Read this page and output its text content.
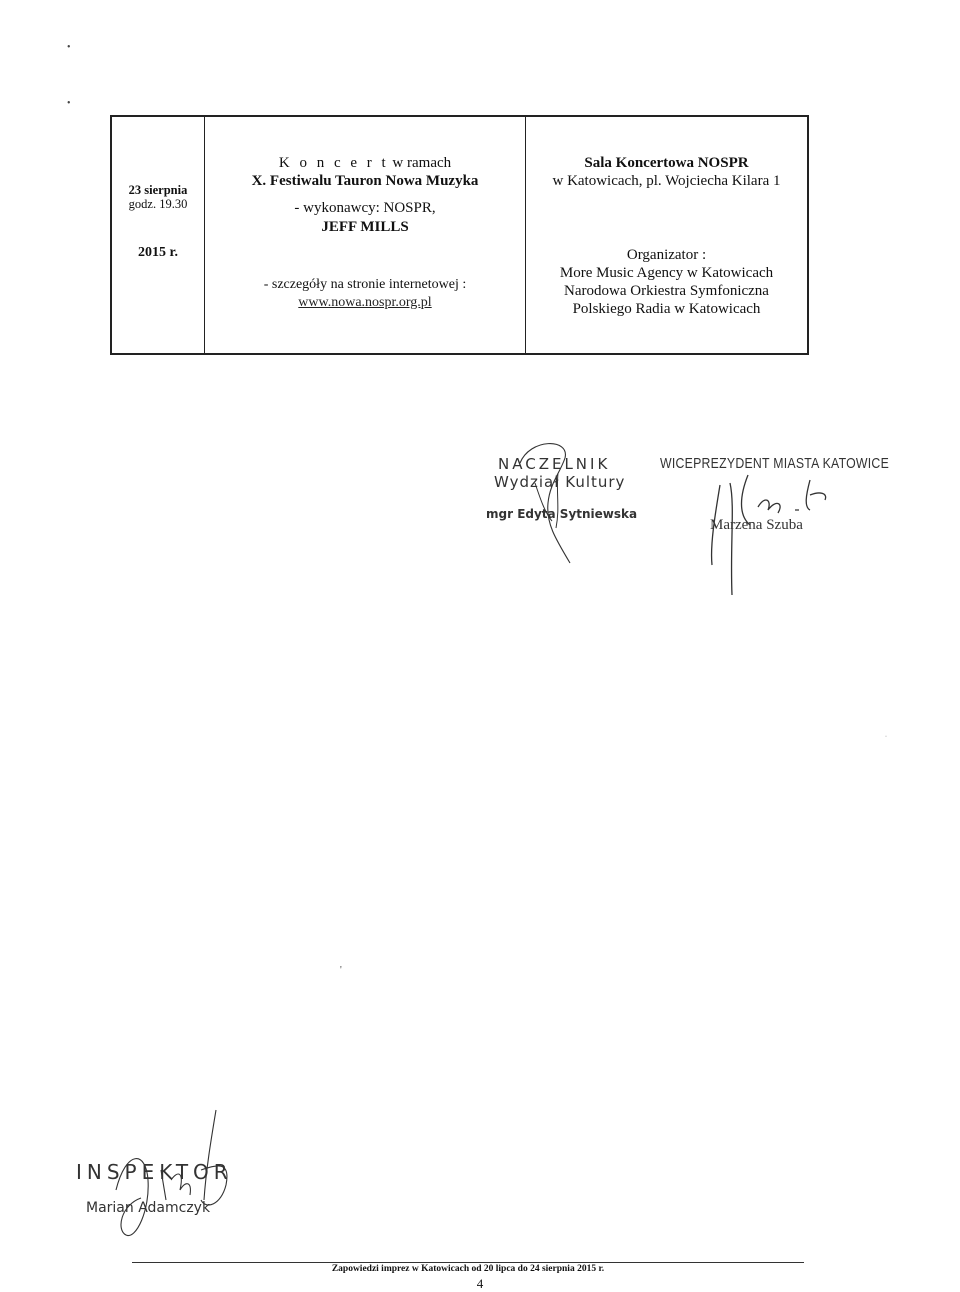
•
•
23 sierpnia
godz. 19.30
2015 r.
K o n c e r t w ramach
X. Festiwalu Tauron Nowa Muzyka
- wykonawcy: NOSPR,
JEFF MILLS
- szczegóły na stronie internetowej :
www.nowa.nospr.org.pl
Sala Koncertowa NOSPR
w Katowicach, pl. Wojciecha Kilara 1
Organizator :
More Music Agency w Katowicach
Narodowa Orkiestra Symfoniczna
Polskiego Radia w Katowicach
NACZELNIK
Wydział Kultury
mgr Edyta Sytniewska
WICEPREZYDENT MIASTA KATOWICE
Marzena Szuba
·
'
INSPEKTOR
Marian Adamczyk
Zapowiedzi imprez w Katowicach od 20 lipca do 24 sierpnia 2015 r.
4
